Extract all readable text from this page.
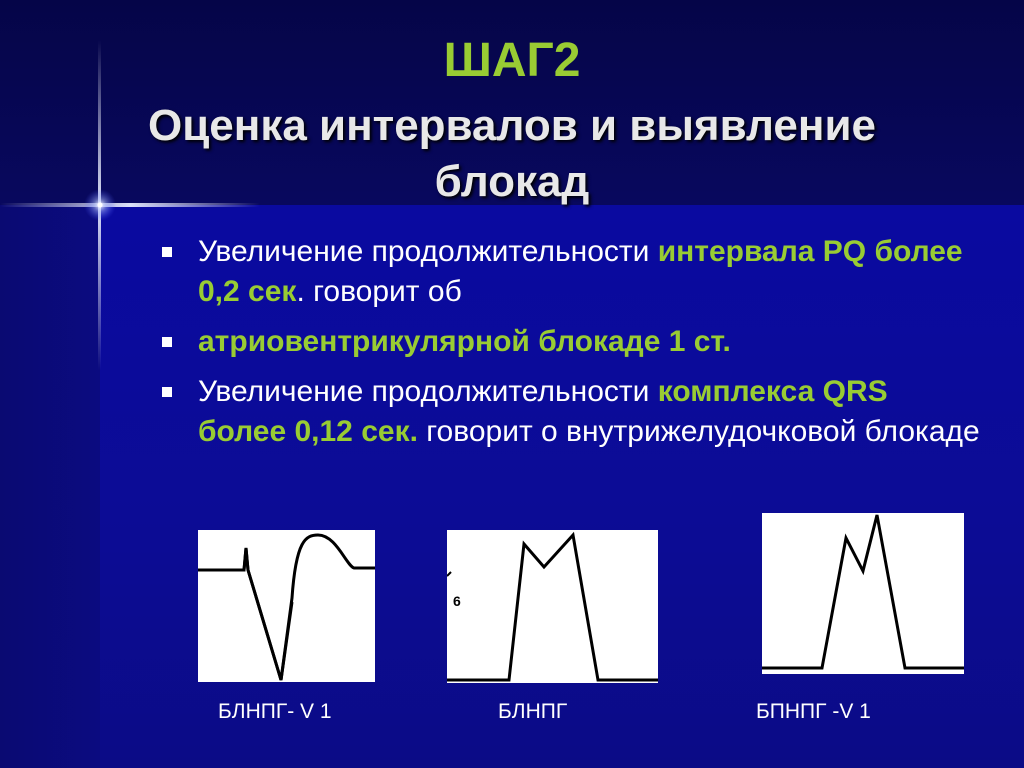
ШАГ2
Оценка интервалов и выявление блокад
Увеличение продолжительности интервала PQ более 0,2 сек. говорит об
атриовентрикулярной блокаде 1 ст.
Увеличение продолжительности комплекса QRS более 0,12 сек. говорит о внутрижелудочковой блокаде
6
БЛНПГ- V 1	БЛНПГ	БПНПГ -V 1
